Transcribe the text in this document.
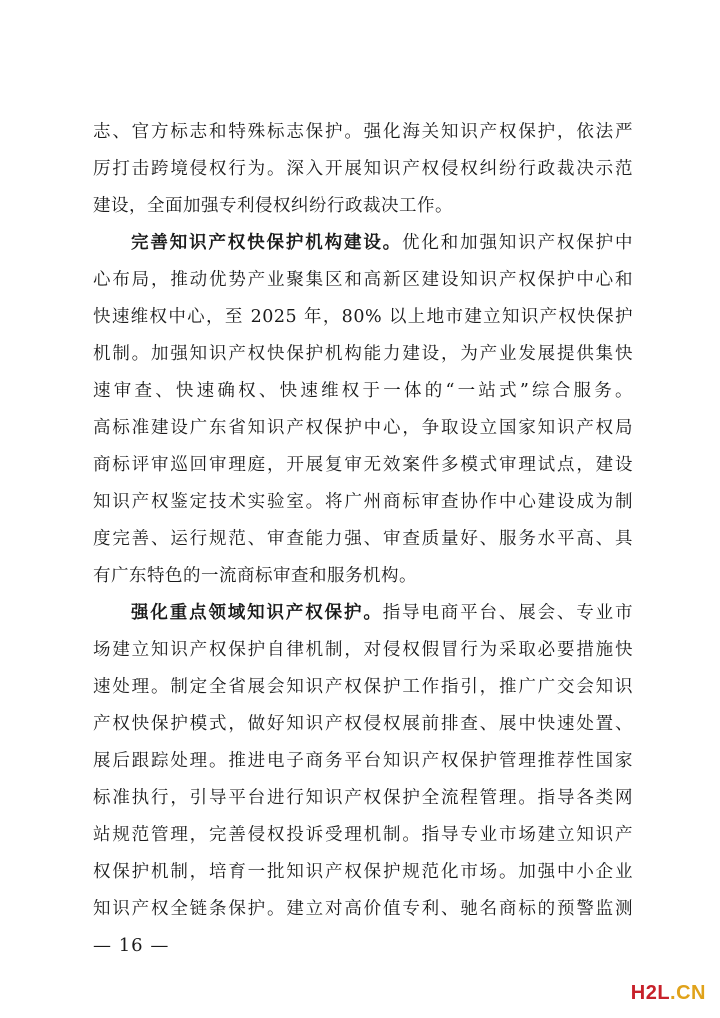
志、官方标志和特殊标志保护。强化海关知识产权保护，依法严
厉打击跨境侵权行为。深入开展知识产权侵权纠纷行政裁决示范
建设，全面加强专利侵权纠纷行政裁决工作。
完善知识产权快保护机构建设。优化和加强知识产权保护中
心布局，推动优势产业聚集区和高新区建设知识产权保护中心和
快速维权中心，至 2025 年，80% 以上地市建立知识产权快保护
机制。加强知识产权快保护机构能力建设，为产业发展提供集快
速审查、快速确权、快速维权于一体的“一站式”综合服务。
高标准建设广东省知识产权保护中心，争取设立国家知识产权局
商标评审巡回审理庭，开展复审无效案件多模式审理试点，建设
知识产权鉴定技术实验室。将广州商标审查协作中心建设成为制
度完善、运行规范、审查能力强、审查质量好、服务水平高、具
有广东特色的一流商标审查和服务机构。
强化重点领域知识产权保护。指导电商平台、展会、专业市
场建立知识产权保护自律机制，对侵权假冒行为采取必要措施快
速处理。制定全省展会知识产权保护工作指引，推广广交会知识
产权快保护模式，做好知识产权侵权展前排查、展中快速处置、
展后跟踪处理。推进电子商务平台知识产权保护管理推荐性国家
标准执行，引导平台进行知识产权保护全流程管理。指导各类网
站规范管理，完善侵权投诉受理机制。指导专业市场建立知识产
权保护机制，培育一批知识产权保护规范化市场。加强中小企业
知识产权全链条保护。建立对高价值专利、驰名商标的预警监测
— 16 —
H2L.CN
